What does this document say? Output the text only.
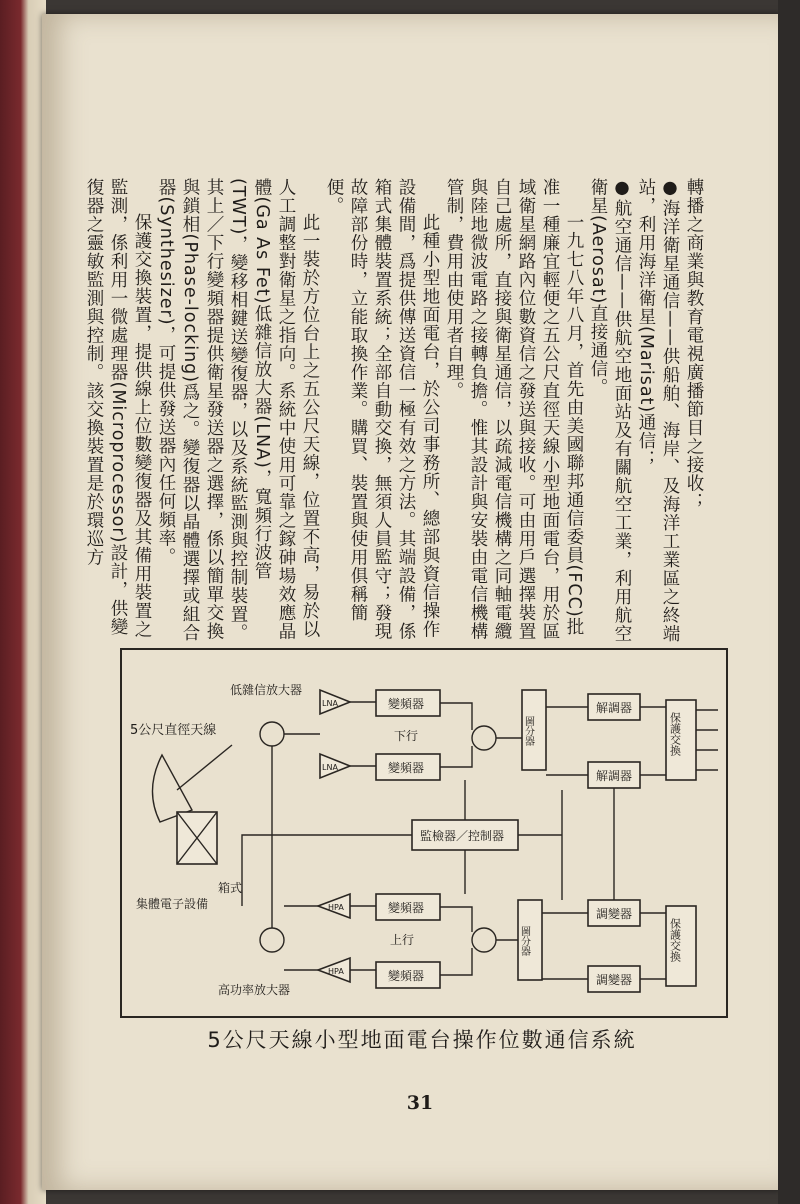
轉播之商業與教育電視廣播節目之接收；

●海洋衛星通信——供船舶、海岸、及海洋工業區之終端站，利用海洋衛星(Marisat)通信；

●航空通信——供航空地面站及有關航空工業，利用航空衛星(Aerosat)直接通信。

一九七八年八月，首先由美國聯邦通信委員(FCC)批准一種廉宜輕便之五公尺直徑天線小型地面電台，用於區域衛星網路內位數資信之發送與接收。可由用戶選擇裝置自己處所，直接與衛星通信，以疏減電信機構之同軸電纜與陸地微波電路之接轉負擔。惟其設計與安裝由電信機構管制，費用由使用者自理。

此種小型地面電台，於公司事務所、總部與資信操作設備間，爲提供傳送資信一極有效之方法。其端設備，係箱式集體裝置系統；全部自動交換，無須人員監守；發現故障部份時，立能取換作業。購買、裝置與使用俱稱簡便。

此一裝於方位台上之五公尺天線，位置不高，易於以人工調整對衛星之指向。系統中使用可靠之鎵砷場效應晶體(Ga As Fet)低雜信放大器(LNA)，寬頻行波管(TWT)，變移相鍵送變復器，以及系統監測與控制裝置。其上／下行變頻器提供衛星發送器之選擇，係以簡單交換與鎖相(Phase-locking)爲之。變復器以晶體選擇或組合器(Synthesizer)，可提供發送器內任何頻率。

保護交換裝置，提供線上位數變復器及其備用裝置之監測，係利用一微處理器(Microprocessor)設計，供變復器之靈敏監測與控制。該交換裝置是於環巡方

5公尺直徑天線
箱式
集體電子設備
低雜信放大器
LNA
LNA
變頻器
變頻器
下行	圖分器
解調器
解調器
保護交換
監檢器／控制器
HPA
HPA
變頻器
變頻器
上行	圖分器
調變器
調變器
保護交換
高功率放大器
5公尺天線小型地面電台操作位數通信系統
31
